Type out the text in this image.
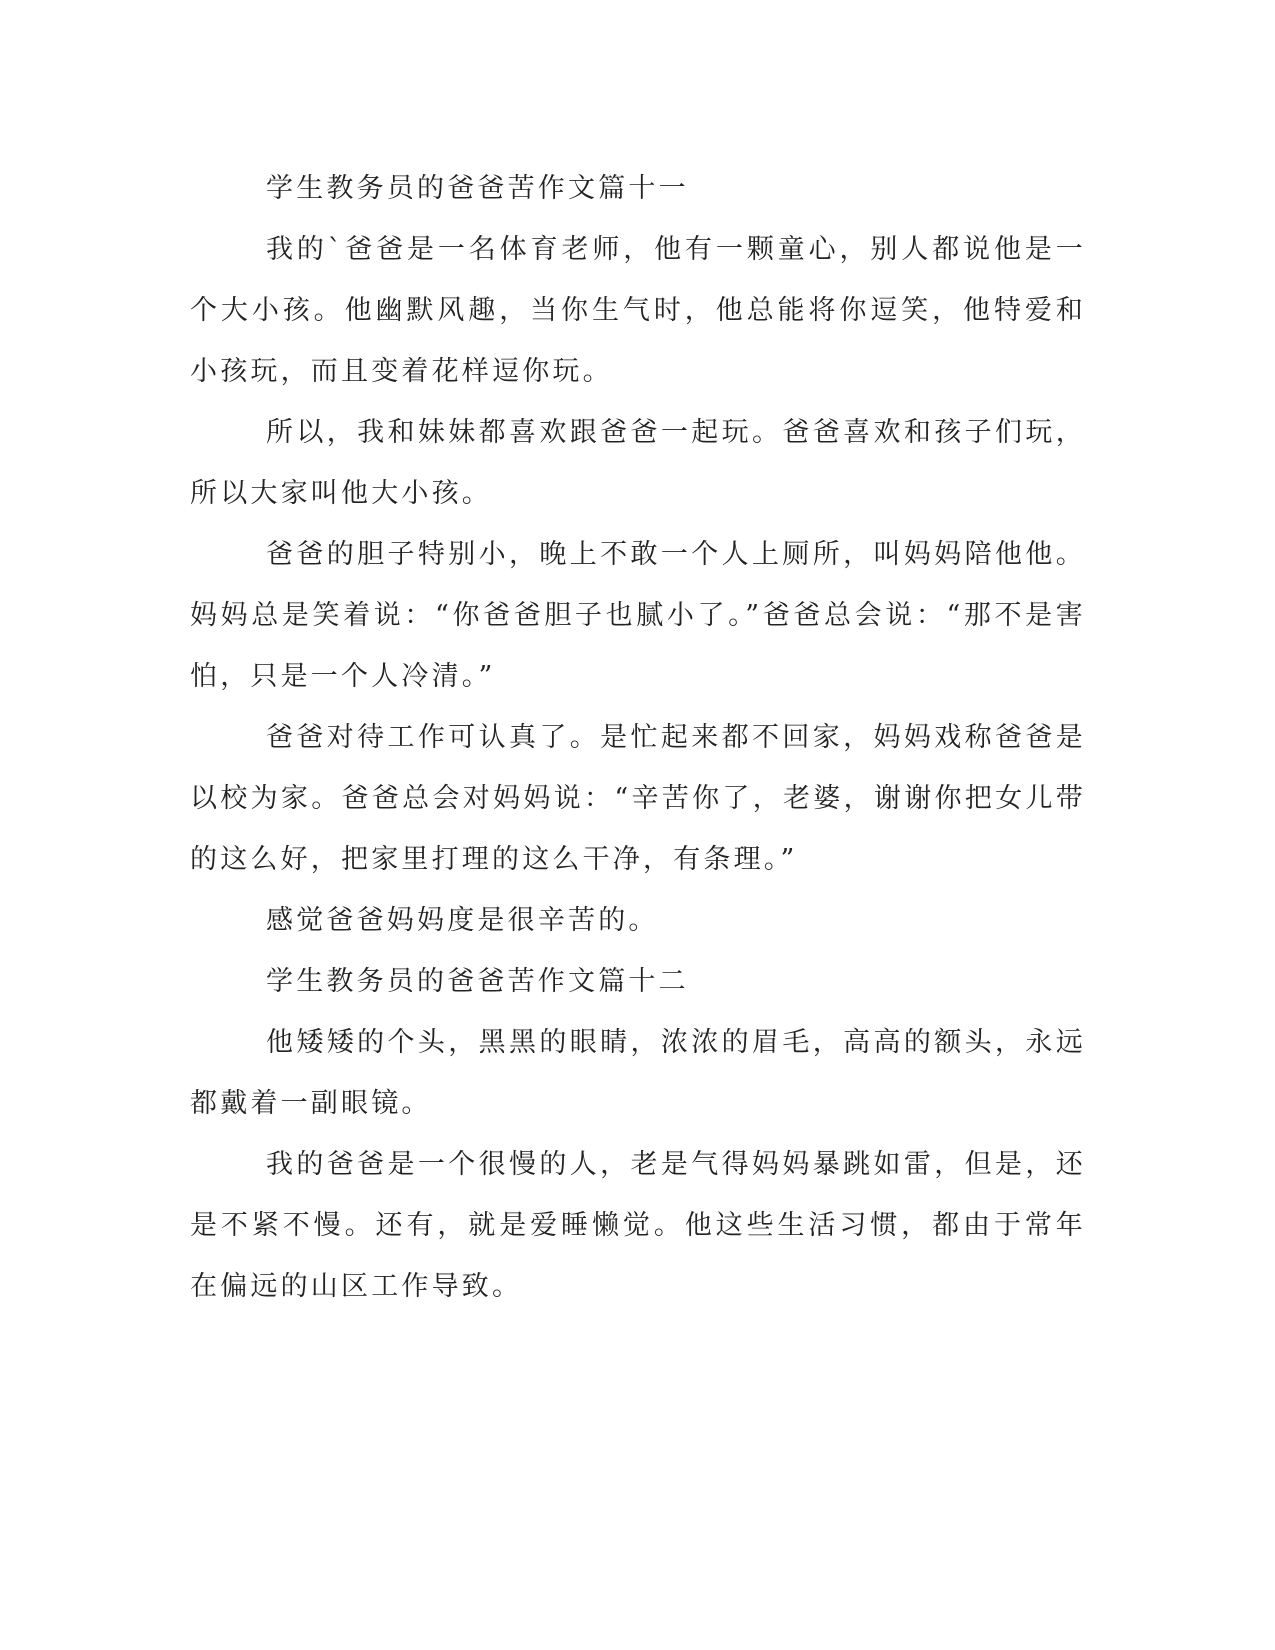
学生教务员的爸爸苦作文篇十一

我的`爸爸是一名体育老师，他有一颗童心，别人都说他是一个大小孩。他幽默风趣，当你生气时，他总能将你逗笑，他特爱和小孩玩，而且变着花样逗你玩。

所以，我和妹妹都喜欢跟爸爸一起玩。爸爸喜欢和孩子们玩，所以大家叫他大小孩。

爸爸的胆子特别小，晚上不敢一个人上厕所，叫妈妈陪他他。妈妈总是笑着说：“你爸爸胆子也腻小了。”爸爸总会说：“那不是害怕，只是一个人冷清。”

爸爸对待工作可认真了。是忙起来都不回家，妈妈戏称爸爸是以校为家。爸爸总会对妈妈说：“辛苦你了，老婆，谢谢你把女儿带的这么好，把家里打理的这么干净，有条理。”

感觉爸爸妈妈度是很辛苦的。

学生教务员的爸爸苦作文篇十二

他矮矮的个头，黑黑的眼睛，浓浓的眉毛，高高的额头，永远都戴着一副眼镜。

我的爸爸是一个很慢的人，老是气得妈妈暴跳如雷，但是，还是不紧不慢。还有，就是爱睡懒觉。他这些生活习惯，都由于常年在偏远的山区工作导致。
